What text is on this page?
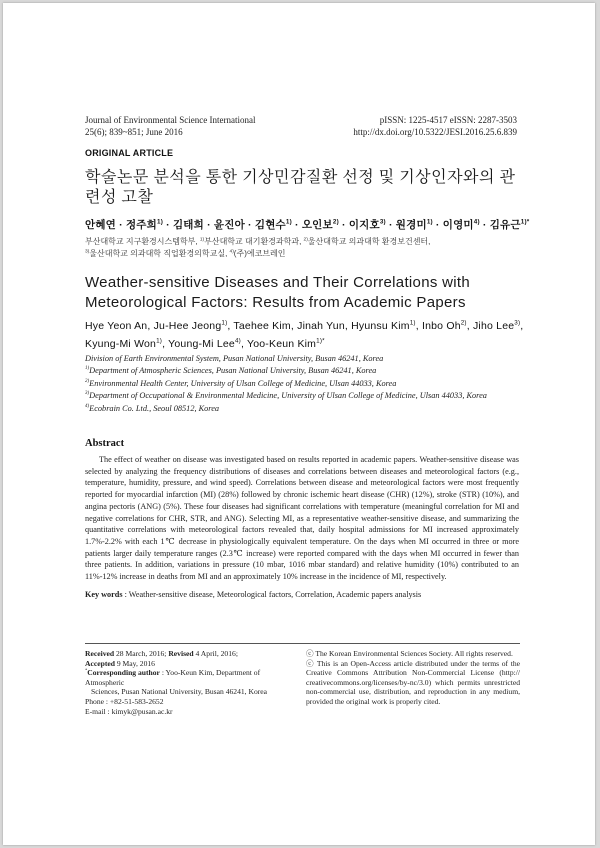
Journal of Environmental Science International
25(6); 839~851; June 2016
pISSN: 1225-4517 eISSN: 2287-3503
http://dx.doi.org/10.5322/JESI.2016.25.6.839
ORIGINAL ARTICLE
학술논문 분석을 통한 기상민감질환 선정 및 기상인자와의 관련성 고찰
안혜연 · 정주희$^{1)}$ · 김태희 · 윤진아 · 김현수$^{1)}$ · 오인보$^{2)}$ · 이지호$^{3)}$ · 원경미$^{1)}$ · 이영미$^{4)}$ · 김유근$^{1)*}$
부산대학교 지구환경시스템학부, $^{1)}$부산대학교 대기환경과학과, $^{2)}$울산대학교 의과대학 환경보건센터,
$^{3)}$울산대학교 의과대학 직업환경의학교실, $^{4)}$(주)에코브레인
Weather-sensitive Diseases and Their Correlations with Meteorological Factors: Results from Academic Papers
Hye Yeon An, Ju-Hee Jeong$^{1)}$, Taehee Kim, Jinah Yun, Hyunsu Kim$^{1)}$, Inbo Oh$^{2)}$, Jiho Lee$^{3)}$, Kyung-Mi Won$^{1)}$, Young-Mi Lee$^{4)}$, Yoo-Keun Kim$^{1)*}$
Division of Earth Environmental System, Pusan National University, Busan 46241, Korea
$^{1)}$Department of Atmospheric Sciences, Pusan National University, Busan 46241, Korea
$^{2)}$Environmental Health Center, University of Ulsan College of Medicine, Ulsan 44033, Korea
$^{3)}$Department of Occupational & Environmental Medicine, University of Ulsan College of Medicine, Ulsan 44033, Korea
$^{4)}$Ecobrain Co. Ltd., Seoul 08512, Korea
Abstract
The effect of weather on disease was investigated based on results reported in academic papers. Weather-sensitive disease was selected by analyzing the frequency distributions of diseases and correlations between diseases and meteorological factors (e.g., temperature, humidity, pressure, and wind speed). Correlations between disease and meteorological factors were most frequently reported for myocardial infarction (MI) (28%) followed by chronic ischemic heart disease (CHR) (12%), stroke (STR) (10%), and angina pectoris (ANG) (5%). These four diseases had significant correlations with temperature (meaningful correlation for MI and negative correlations for CHR, STR, and ANG). Selecting MI, as a representative weather-sensitive disease, and summarizing the quantitative correlations with meteorological factors revealed that, daily hospital admissions for MI increased approximately 1.7%-2.2% with each 1℃ decrease in physiologically equivalent temperature. On the days when MI occurred in three or more patients larger daily temperature ranges (2.3℃ increase) were reported compared with the days when MI occurred in fewer than three patients. In addition, variations in pressure (10 mbar, 1016 mbar standard) and relative humidity (10%) contributed to an 11%-12% increase in deaths from MI and an approximately 10% increase in the incidence of MI, respectively.
Key words : Weather-sensitive disease, Meteorological factors, Correlation, Academic papers analysis
Received 28 March, 2016; Revised 4 April, 2016;
Accepted 9 May, 2016
*Corresponding author : Yoo-Keun Kim, Department of Atmospheric
Sciences, Pusan National University, Busan 46241, Korea
Phone : +82-51-583-2652
E-mail : kimyk@pusan.ac.kr
ⓒ The Korean Environmental Sciences Society. All rights reserved.
ⓒ This is an Open-Access article distributed under the terms of the Creative Commons Attribution Non-Commercial License (http:// creativecommons.org/licenses/by-nc/3.0) which permits unrestricted non-commercial use, distribution, and reproduction in any medium, provided the original work is properly cited.
